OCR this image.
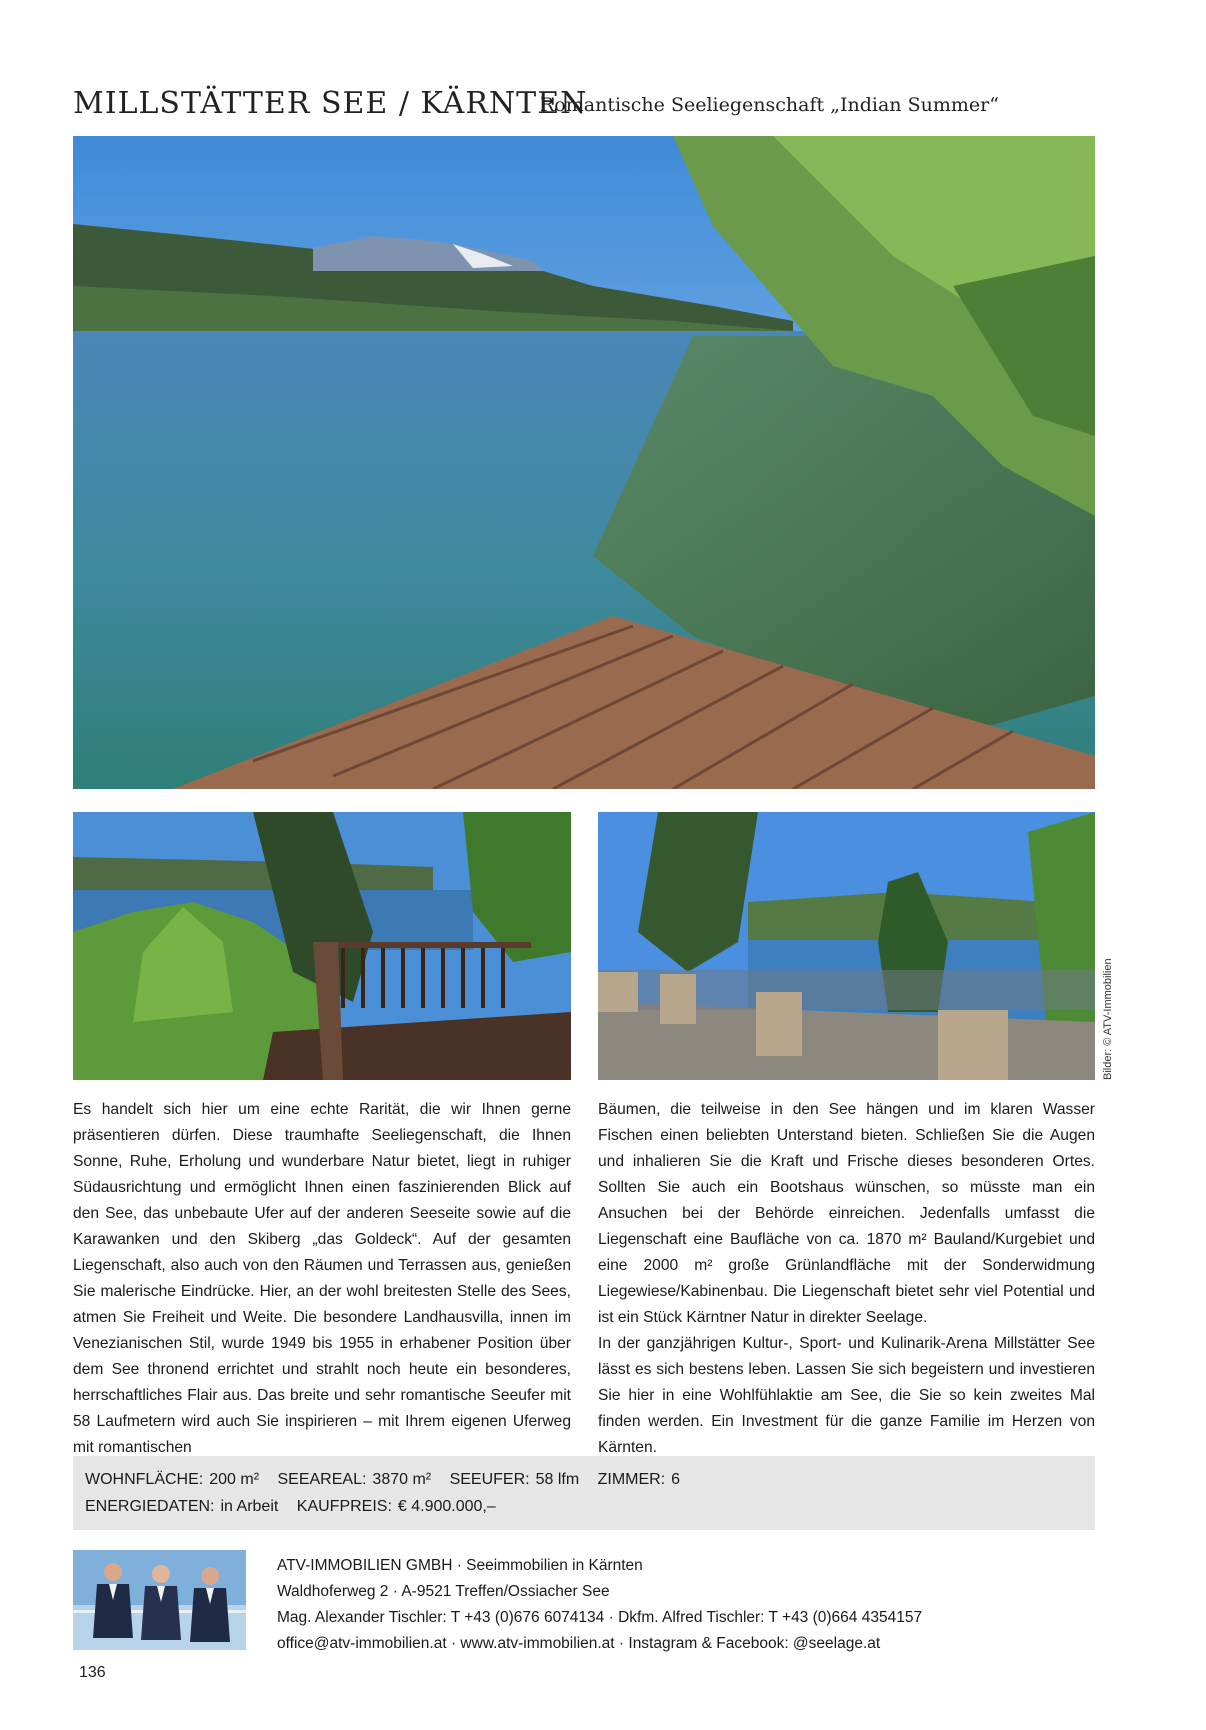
MILLSTÄTTER SEE / KÄRNTEN
Romantische Seeliegenschaft „Indian Summer“
Bilder: © ATV-Immobilien

Es handelt sich hier um eine echte Rarität, die wir Ihnen gerne präsentieren dürfen. Diese traumhafte Seeliegenschaft, die Ihnen Sonne, Ruhe, Erholung und wunderbare Natur bietet, liegt in ruhiger Südausrichtung und ermöglicht Ihnen einen faszinierenden Blick auf den See, das unbebaute Ufer auf der anderen Seeseite sowie auf die Karawanken und den Skiberg „das Goldeck“. Auf der gesamten Liegenschaft, also auch von den Räumen und Terrassen aus, genießen Sie malerische Eindrücke. Hier, an der wohl breitesten Stelle des Sees, atmen Sie Freiheit und Weite. Die besondere Landhausvilla, innen im Venezianischen Stil, wurde 1949 bis 1955 in erhabener Position über dem See thronend errichtet und strahlt noch heute ein besonderes, herrschaftliches Flair aus. Das breite und sehr romantische Seeufer mit 58 Laufmetern wird auch Sie inspirieren – mit Ihrem eigenen Uferweg mit romantischen

Bäumen, die teilweise in den See hängen und im klaren Wasser Fischen einen beliebten Unterstand bieten. Schließen Sie die Augen und inhalieren Sie die Kraft und Frische dieses besonderen Ortes. Sollten Sie auch ein Bootshaus wünschen, so müsste man ein Ansuchen bei der Behörde einreichen. Jedenfalls umfasst die Liegenschaft eine Baufläche von ca. 1870 m² Bauland/Kurgebiet und eine 2000 m² große Grünlandfläche mit der Sonderwidmung Liegewiese/Kabinenbau. Die Liegenschaft bietet sehr viel Potential und ist ein Stück Kärntner Natur in direkter Seelage.

In der ganzjährigen Kultur-, Sport- und Kulinarik-Arena Millstätter See lässt es sich bestens leben. Lassen Sie sich begeistern und investieren Sie hier in eine Wohlfühlaktie am See, die Sie so kein zweites Mal finden werden. Ein Investment für die ganze Familie im Herzen von Kärnten.

WOHNFLÄCHE: 200 m² SEEAREAL: 3870 m² SEEUFER: 58 lfm ZIMMER: 6
ENERGIEDATEN: in Arbeit KAUFPREIS: € 4.900.000,–
ATV-IMMOBILIEN GMBH · Seeimmobilien in Kärnten
Waldhoferweg 2 · A-9521 Treffen/Ossiacher See
Mag. Alexander Tischler: T +43 (0)676 6074134 · Dkfm. Alfred Tischler: T +43 (0)664 4354157
office@atv-immobilien.at · www.atv-immobilien.at · Instagram & Facebook: @seelage.at
136
